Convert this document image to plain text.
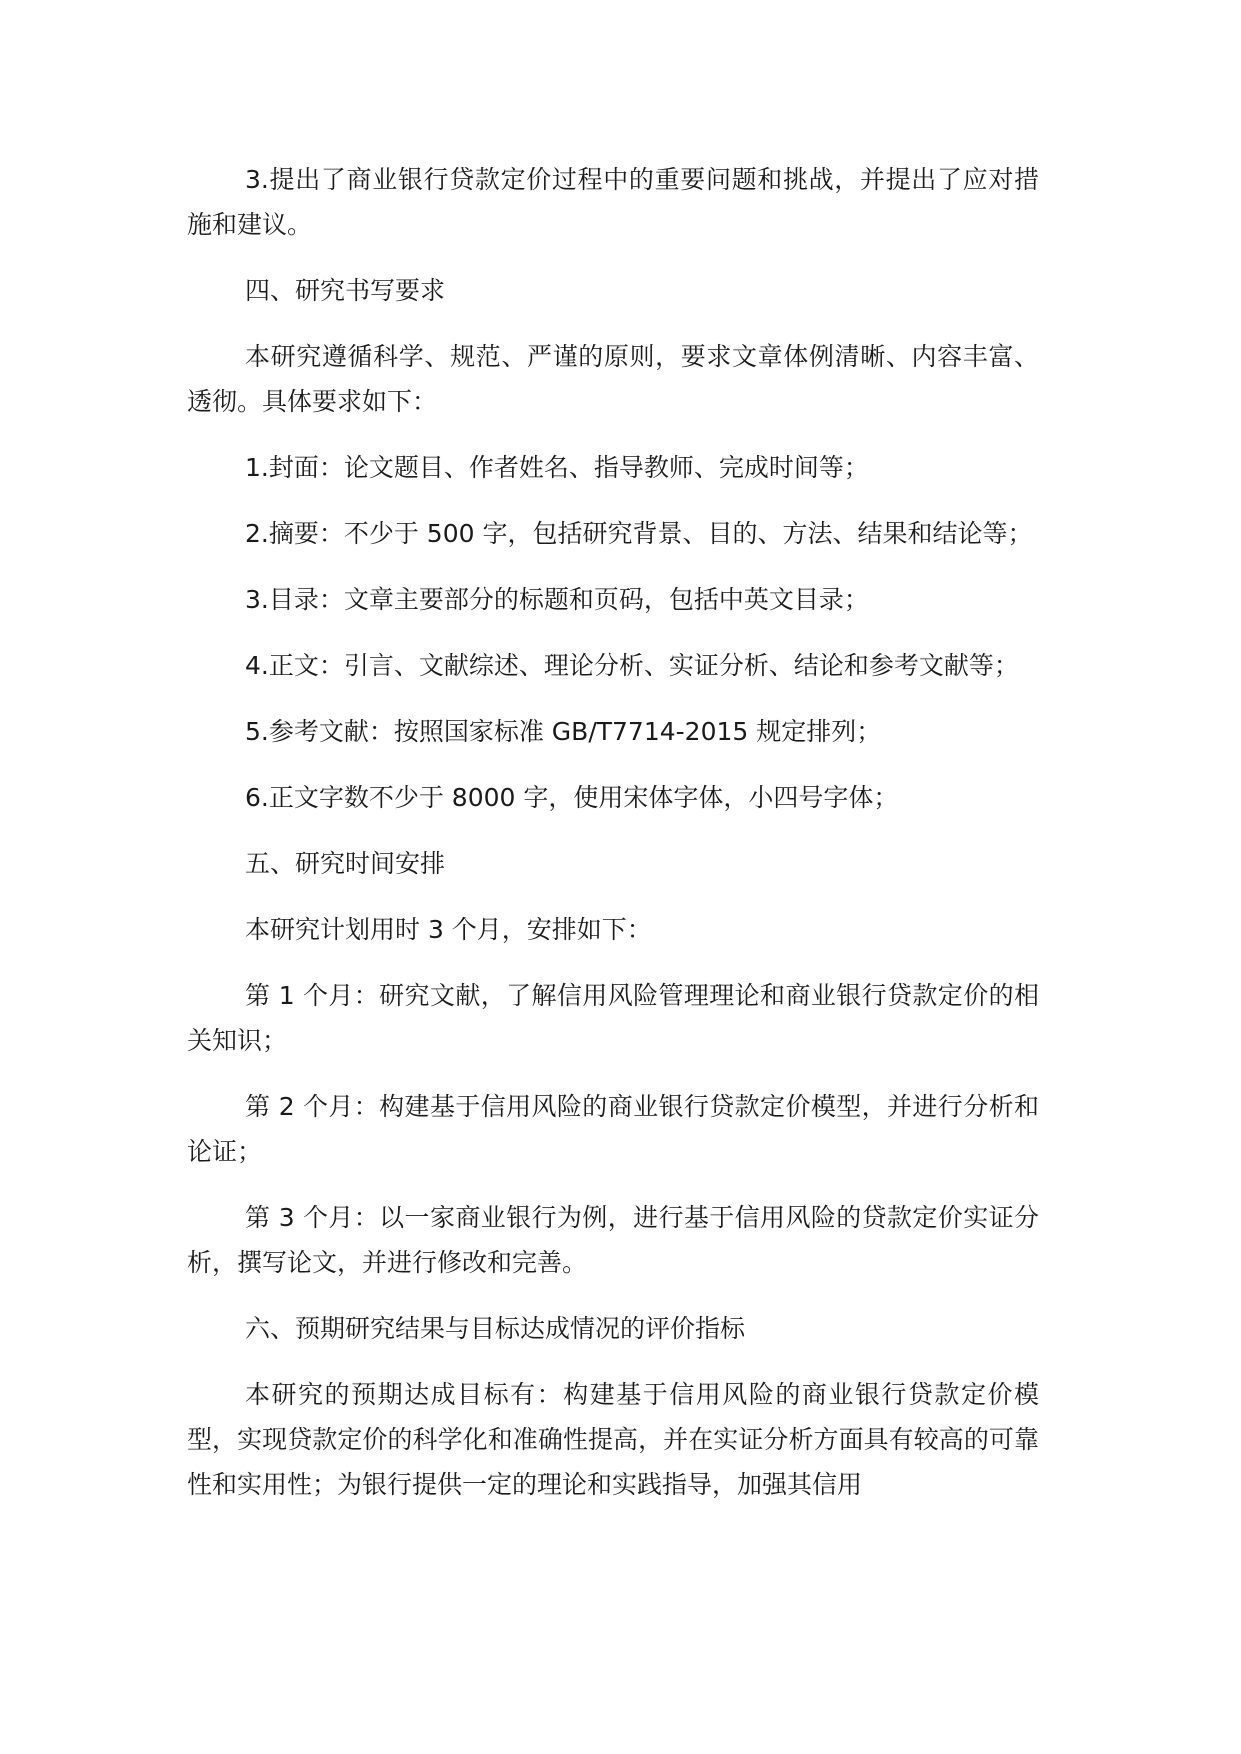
3.提出了商业银行贷款定价过程中的重要问题和挑战，并提出了应对措施和建议。

四、研究书写要求

本研究遵循科学、规范、严谨的原则，要求文章体例清晰、内容丰富、透彻。具体要求如下：

1.封面：论文题目、作者姓名、指导教师、完成时间等；

2.摘要：不少于 500 字，包括研究背景、目的、方法、结果和结论等；

3.目录：文章主要部分的标题和页码，包括中英文目录；

4.正文：引言、文献综述、理论分析、实证分析、结论和参考文献等；

5.参考文献：按照国家标准 GB/T7714-2015 规定排列；

6.正文字数不少于 8000 字，使用宋体字体，小四号字体；

五、研究时间安排

本研究计划用时 3 个月，安排如下：

第 1 个月：研究文献，了解信用风险管理理论和商业银行贷款定价的相关知识；

第 2 个月：构建基于信用风险的商业银行贷款定价模型，并进行分析和论证；

第 3 个月：以一家商业银行为例，进行基于信用风险的贷款定价实证分析，撰写论文，并进行修改和完善。

六、预期研究结果与目标达成情况的评价指标

本研究的预期达成目标有：构建基于信用风险的商业银行贷款定价模型，实现贷款定价的科学化和准确性提高，并在实证分析方面具有较高的可靠性和实用性；为银行提供一定的理论和实践指导，加强其信用
